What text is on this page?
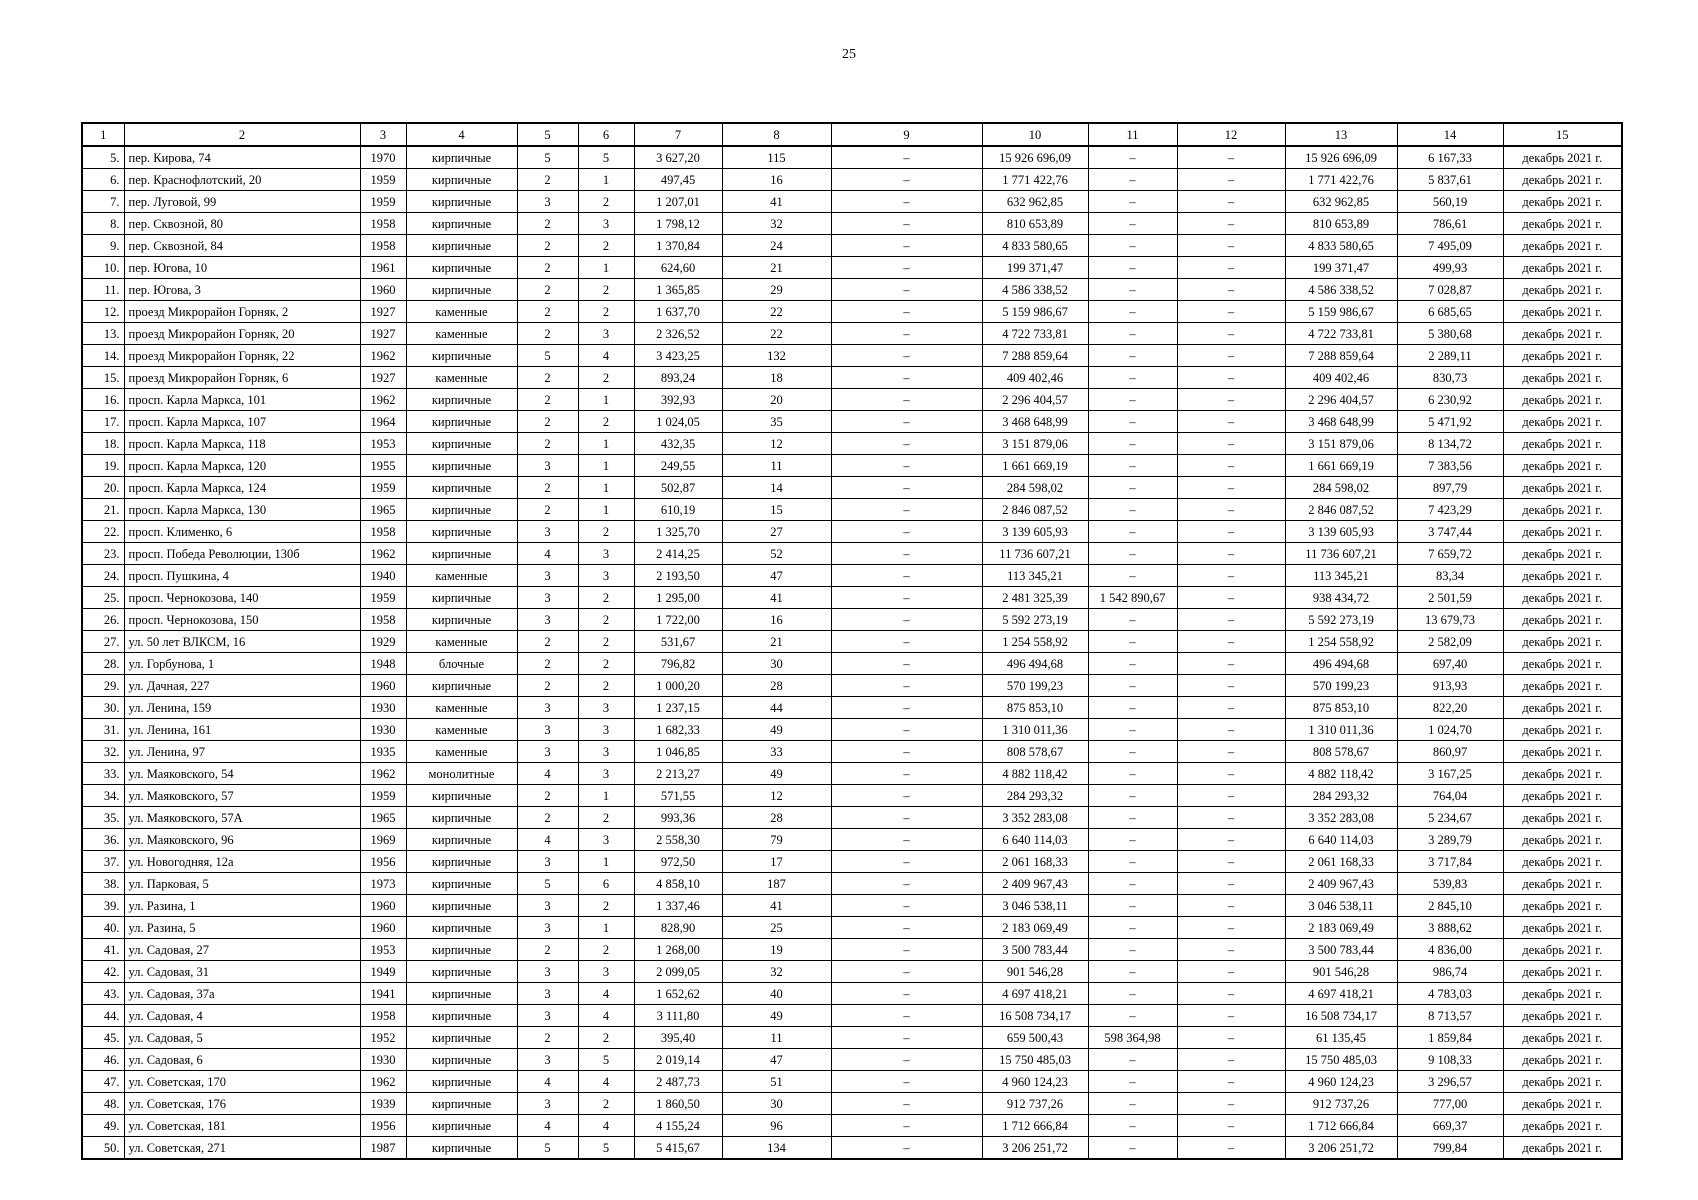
25
1	2	3	4	5	6	7	8	9	10	11	12	13	14	15
5.	пер. Кирова, 74	1970	кирпичные	5	5	3 627,20	115	–	15 926 696,09	–	–	15 926 696,09	6 167,33	декабрь 2021 г.
6.	пер. Краснофлотский, 20	1959	кирпичные	2	1	497,45	16	–	1 771 422,76	–	–	1 771 422,76	5 837,61	декабрь 2021 г.
7.	пер. Луговой, 99	1959	кирпичные	3	2	1 207,01	41	–	632 962,85	–	–	632 962,85	560,19	декабрь 2021 г.
8.	пер. Сквозной, 80	1958	кирпичные	2	3	1 798,12	32	–	810 653,89	–	–	810 653,89	786,61	декабрь 2021 г.
9.	пер. Сквозной, 84	1958	кирпичные	2	2	1 370,84	24	–	4 833 580,65	–	–	4 833 580,65	7 495,09	декабрь 2021 г.
10.	пер. Югова, 10	1961	кирпичные	2	1	624,60	21	–	199 371,47	–	–	199 371,47	499,93	декабрь 2021 г.
11.	пер. Югова, 3	1960	кирпичные	2	2	1 365,85	29	–	4 586 338,52	–	–	4 586 338,52	7 028,87	декабрь 2021 г.
12.	проезд Микрорайон Горняк, 2	1927	каменные	2	2	1 637,70	22	–	5 159 986,67	–	–	5 159 986,67	6 685,65	декабрь 2021 г.
13.	проезд Микрорайон Горняк, 20	1927	каменные	2	3	2 326,52	22	–	4 722 733,81	–	–	4 722 733,81	5 380,68	декабрь 2021 г.
14.	проезд Микрорайон Горняк, 22	1962	кирпичные	5	4	3 423,25	132	–	7 288 859,64	–	–	7 288 859,64	2 289,11	декабрь 2021 г.
15.	проезд Микрорайон Горняк, 6	1927	каменные	2	2	893,24	18	–	409 402,46	–	–	409 402,46	830,73	декабрь 2021 г.
16.	просп. Карла Маркса, 101	1962	кирпичные	2	1	392,93	20	–	2 296 404,57	–	–	2 296 404,57	6 230,92	декабрь 2021 г.
17.	просп. Карла Маркса, 107	1964	кирпичные	2	2	1 024,05	35	–	3 468 648,99	–	–	3 468 648,99	5 471,92	декабрь 2021 г.
18.	просп. Карла Маркса, 118	1953	кирпичные	2	1	432,35	12	–	3 151 879,06	–	–	3 151 879,06	8 134,72	декабрь 2021 г.
19.	просп. Карла Маркса, 120	1955	кирпичные	3	1	249,55	11	–	1 661 669,19	–	–	1 661 669,19	7 383,56	декабрь 2021 г.
20.	просп. Карла Маркса, 124	1959	кирпичные	2	1	502,87	14	–	284 598,02	–	–	284 598,02	897,79	декабрь 2021 г.
21.	просп. Карла Маркса, 130	1965	кирпичные	2	1	610,19	15	–	2 846 087,52	–	–	2 846 087,52	7 423,29	декабрь 2021 г.
22.	просп. Клименко, 6	1958	кирпичные	3	2	1 325,70	27	–	3 139 605,93	–	–	3 139 605,93	3 747,44	декабрь 2021 г.
23.	просп. Победа Революции, 130б	1962	кирпичные	4	3	2 414,25	52	–	11 736 607,21	–	–	11 736 607,21	7 659,72	декабрь 2021 г.
24.	просп. Пушкина, 4	1940	каменные	3	3	2 193,50	47	–	113 345,21	–	–	113 345,21	83,34	декабрь 2021 г.
25.	просп. Чернокозова, 140	1959	кирпичные	3	2	1 295,00	41	–	2 481 325,39	1 542 890,67	–	938 434,72	2 501,59	декабрь 2021 г.
26.	просп. Чернокозова, 150	1958	кирпичные	3	2	1 722,00	16	–	5 592 273,19	–	–	5 592 273,19	13 679,73	декабрь 2021 г.
27.	ул. 50 лет ВЛКСМ, 16	1929	каменные	2	2	531,67	21	–	1 254 558,92	–	–	1 254 558,92	2 582,09	декабрь 2021 г.
28.	ул. Горбунова, 1	1948	блочные	2	2	796,82	30	–	496 494,68	–	–	496 494,68	697,40	декабрь 2021 г.
29.	ул. Дачная, 227	1960	кирпичные	2	2	1 000,20	28	–	570 199,23	–	–	570 199,23	913,93	декабрь 2021 г.
30.	ул. Ленина, 159	1930	каменные	3	3	1 237,15	44	–	875 853,10	–	–	875 853,10	822,20	декабрь 2021 г.
31.	ул. Ленина, 161	1930	каменные	3	3	1 682,33	49	–	1 310 011,36	–	–	1 310 011,36	1 024,70	декабрь 2021 г.
32.	ул. Ленина, 97	1935	каменные	3	3	1 046,85	33	–	808 578,67	–	–	808 578,67	860,97	декабрь 2021 г.
33.	ул. Маяковского, 54	1962	монолитные	4	3	2 213,27	49	–	4 882 118,42	–	–	4 882 118,42	3 167,25	декабрь 2021 г.
34.	ул. Маяковского, 57	1959	кирпичные	2	1	571,55	12	–	284 293,32	–	–	284 293,32	764,04	декабрь 2021 г.
35.	ул. Маяковского, 57А	1965	кирпичные	2	2	993,36	28	–	3 352 283,08	–	–	3 352 283,08	5 234,67	декабрь 2021 г.
36.	ул. Маяковского, 96	1969	кирпичные	4	3	2 558,30	79	–	6 640 114,03	–	–	6 640 114,03	3 289,79	декабрь 2021 г.
37.	ул. Новогодняя, 12а	1956	кирпичные	3	1	972,50	17	–	2 061 168,33	–	–	2 061 168,33	3 717,84	декабрь 2021 г.
38.	ул. Парковая, 5	1973	кирпичные	5	6	4 858,10	187	–	2 409 967,43	–	–	2 409 967,43	539,83	декабрь 2021 г.
39.	ул. Разина, 1	1960	кирпичные	3	2	1 337,46	41	–	3 046 538,11	–	–	3 046 538,11	2 845,10	декабрь 2021 г.
40.	ул. Разина, 5	1960	кирпичные	3	1	828,90	25	–	2 183 069,49	–	–	2 183 069,49	3 888,62	декабрь 2021 г.
41.	ул. Садовая, 27	1953	кирпичные	2	2	1 268,00	19	–	3 500 783,44	–	–	3 500 783,44	4 836,00	декабрь 2021 г.
42.	ул. Садовая, 31	1949	кирпичные	3	3	2 099,05	32	–	901 546,28	–	–	901 546,28	986,74	декабрь 2021 г.
43.	ул. Садовая, 37а	1941	кирпичные	3	4	1 652,62	40	–	4 697 418,21	–	–	4 697 418,21	4 783,03	декабрь 2021 г.
44.	ул. Садовая, 4	1958	кирпичные	3	4	3 111,80	49	–	16 508 734,17	–	–	16 508 734,17	8 713,57	декабрь 2021 г.
45.	ул. Садовая, 5	1952	кирпичные	2	2	395,40	11	–	659 500,43	598 364,98	–	61 135,45	1 859,84	декабрь 2021 г.
46.	ул. Садовая, 6	1930	кирпичные	3	5	2 019,14	47	–	15 750 485,03	–	–	15 750 485,03	9 108,33	декабрь 2021 г.
47.	ул. Советская, 170	1962	кирпичные	4	4	2 487,73	51	–	4 960 124,23	–	–	4 960 124,23	3 296,57	декабрь 2021 г.
48.	ул. Советская, 176	1939	кирпичные	3	2	1 860,50	30	–	912 737,26	–	–	912 737,26	777,00	декабрь 2021 г.
49.	ул. Советская, 181	1956	кирпичные	4	4	4 155,24	96	–	1 712 666,84	–	–	1 712 666,84	669,37	декабрь 2021 г.
50.	ул. Советская, 271	1987	кирпичные	5	5	5 415,67	134	–	3 206 251,72	–	–	3 206 251,72	799,84	декабрь 2021 г.
